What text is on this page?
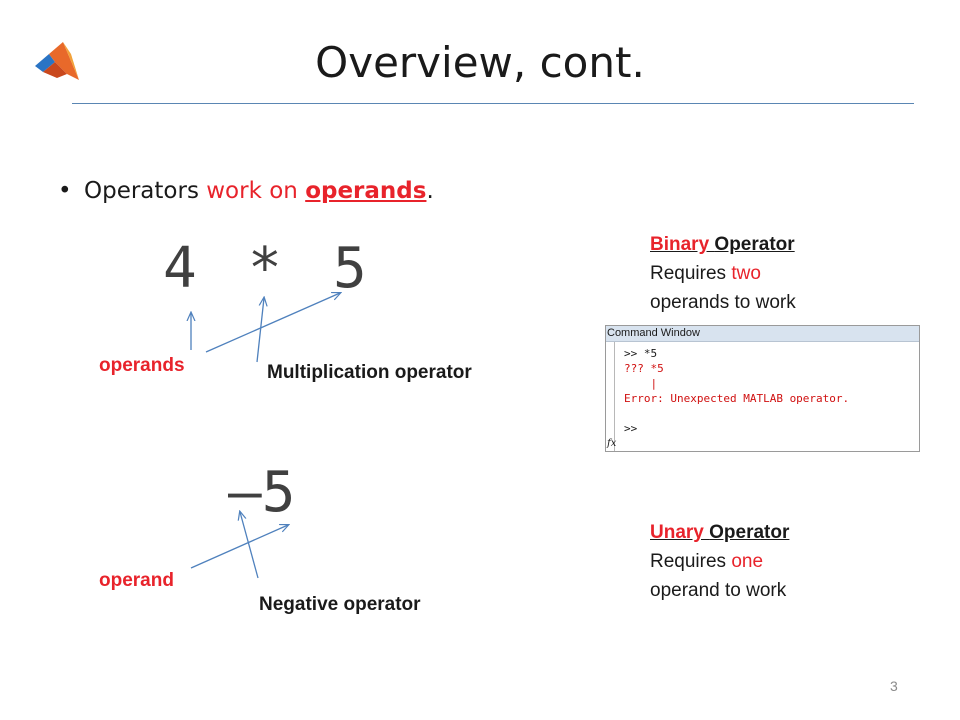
Overview, cont.
• Operators work on operands.
4 * 5
operands	Multiplication operator
–5
operand
Negative operator
Binary Operator
Requires two
operands to work
Command Window
>> *5
??? *5
|
Error: Unexpected MATLAB operator.
>>
fx
Unary Operator
Requires one
operand to work
3
